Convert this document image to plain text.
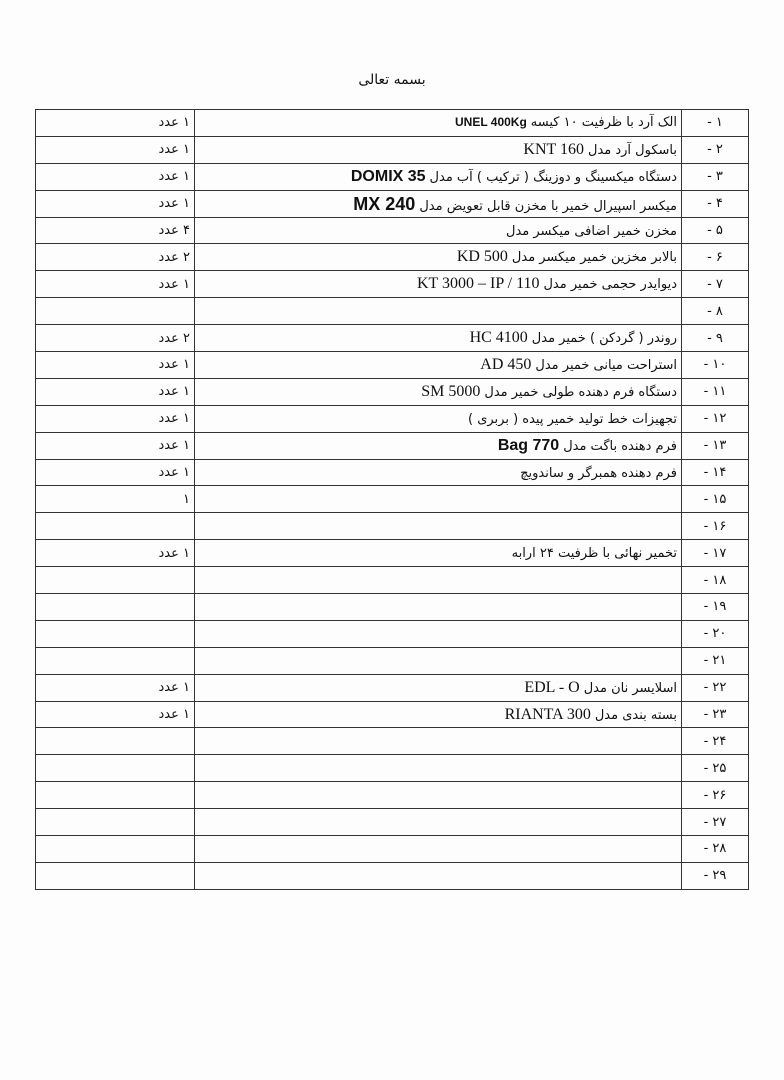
بسمه تعالی
۱ -	الک آرد با ظرفیت ۱۰ کیسهUNEL 400Kg	۱ عدد
۲ -	باسکول آرد مدلKNT 160	۱ عدد
۳ -	دستگاه میکسینگ و دوزینگ ( ترکیب ) آب مدلDOMIX 35	۱ عدد
۴ -	میکسر اسپیرال خمیر با مخزن قابل تعویض مدلMX 240	۱ عدد
۵ -	مخزن خمیر اضافی میکسر مدل	۴ عدد
۶ -	بالابر مخزین خمیر میکسر مدلKD 500	۲ عدد
۷ -	دیوایدر حجمی خمیر مدلKT 3000 – IP / 110	۱ عدد
۸ -		
۹ -	روندر ( گردکن ) خمیر مدلHC 4100	۲ عدد
۱۰ -	استراحت میانی خمیر مدلAD 450	۱ عدد
۱۱ -	دستگاه فرم دهنده طولی خمیر مدلSM 5000	۱ عدد
۱۲ -	تجهیزات خط تولید خمیر پیده ( بربری )	۱ عدد
۱۳ -	فرم دهنده باگت مدلBag 770	۱ عدد
۱۴ -	فرم دهنده همبرگر و ساندویچ	۱ عدد
۱۵ -		۱
۱۶ -		
۱۷ -	تخمیر نهائی با ظرفیت ۲۴ ارابه	۱ عدد
۱۸ -		
۱۹ -		
۲۰ -		
۲۱ -		
۲۲ -	اسلایسر نان مدلEDL - O	۱ عدد
۲۳ -	بسته بندی مدلRIANTA 300	۱ عدد
۲۴ -		
۲۵ -		
۲۶ -		
۲۷ -		
۲۸ -		
۲۹ -		
